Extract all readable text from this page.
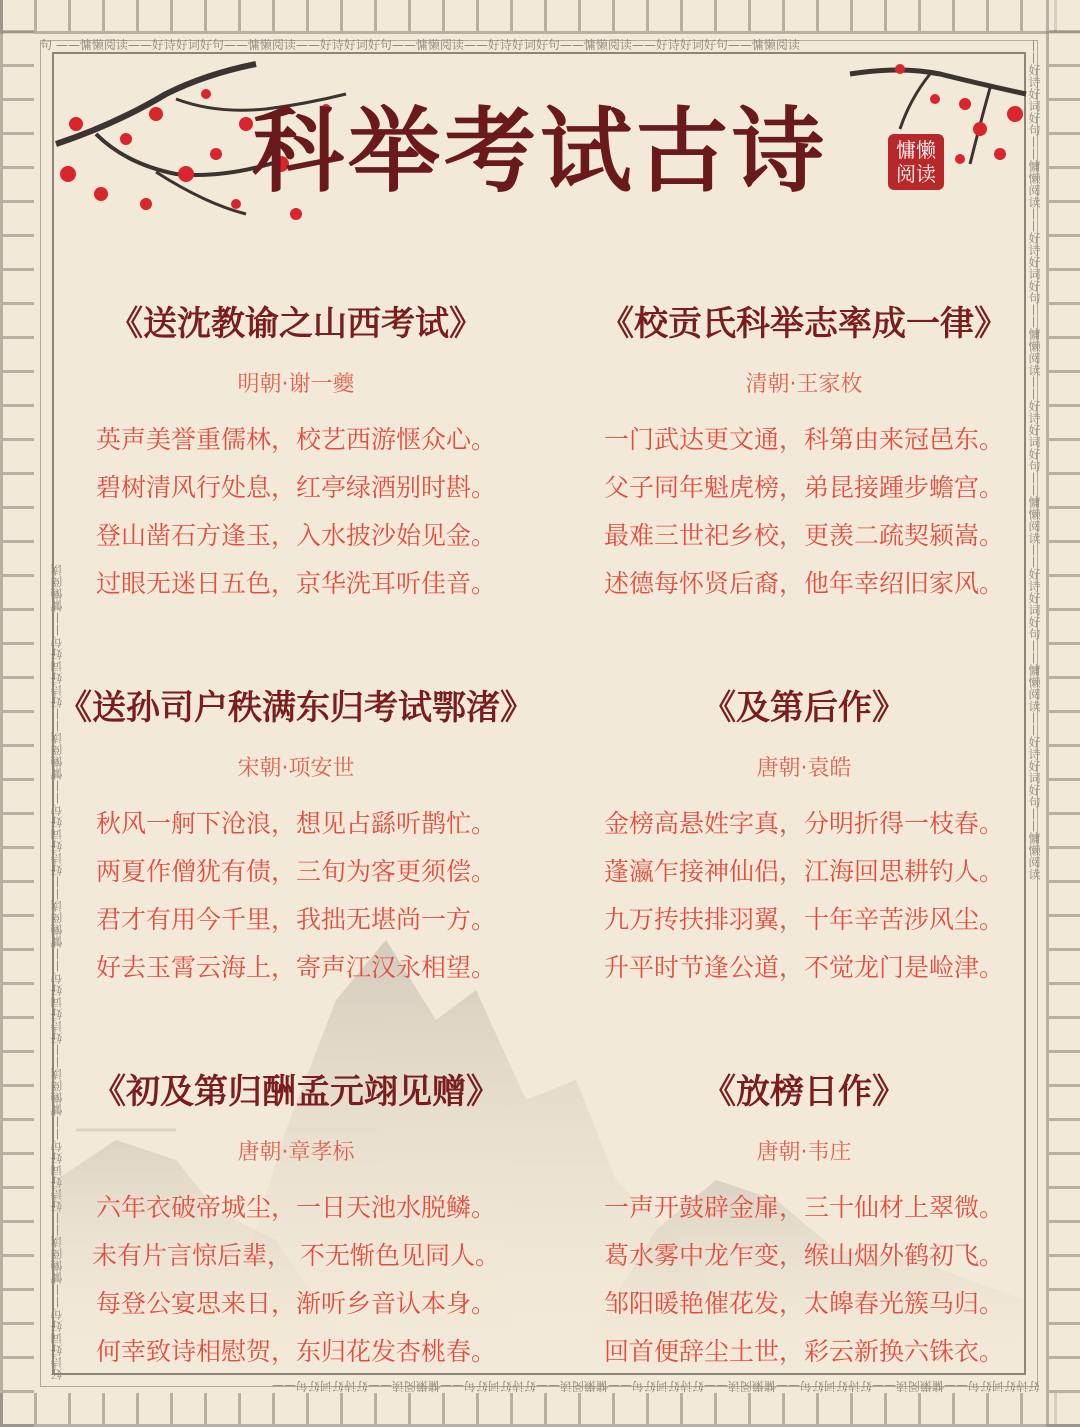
句 ——慵懒阅读——好诗好词好句——慵懒阅读——好诗好词好句——慵懒阅读——好诗好词好句——慵懒阅读——好诗好词好句——慵懒阅读
好诗好词好句——慵懒阅读——好诗好词好句——慵懒阅读——好诗好词好句——慵懒阅读——好诗好词好句——慵懒阅读——好诗好词好句——
好诗好词好句——慵懒阅读——好诗好词好句——慵懒阅读——好诗好词好句——慵懒阅读——好诗好词好句——慵懒阅读——好诗好词好句——慵懒阅读
——好诗好词好句——慵懒阅读——好诗好词好句——慵懒阅读——好诗好词好句——慵懒阅读——好诗好词好句——慵懒阅读——好诗好词好句——慵懒阅读
科举考试古诗	慵懒
阅读
《送沈教谕之山西考试》
明朝·谢一夔
英声美誉重儒林，校艺西游惬众心。
碧树清风行处息，红亭绿酒别时斟。
登山凿石方逢玉，入水披沙始见金。
过眼无迷日五色，京华洗耳听佳音。
《校贡氏科举志率成一律》
清朝·王家枚
一门武达更文通，科第由来冠邑东。
父子同年魁虎榜，弟昆接踵步蟾宫。
最难三世祀乡校，更羡二疏契颍嵩。
述德每怀贤后裔，他年幸绍旧家风。
《送孙司户秩满东归考试鄂渚》
宋朝·项安世
秋风一舸下沧浪，想见占繇听鹊忙。
两夏作僧犹有债，三旬为客更须偿。
君才有用今千里，我拙无堪尚一方。
好去玉霄云海上，寄声江汉永相望。
《及第后作》
唐朝·袁皓
金榜高悬姓字真，分明折得一枝春。
蓬瀛乍接神仙侣，江海回思耕钓人。
九万抟扶排羽翼，十年辛苦涉风尘。
升平时节逢公道，不觉龙门是崄津。
《初及第归酬孟元翊见赠》
唐朝·章孝标
六年衣破帝城尘，一日天池水脱鳞。
未有片言惊后辈， 不无惭色见同人。
每登公宴思来日，渐听乡音认本身。
何幸致诗相慰贺，东归花发杏桃春。
《放榜日作》
唐朝·韦庄
一声开鼓辟金扉，三十仙材上翠微。
葛水雾中龙乍变，缑山烟外鹤初飞。
邹阳暖艳催花发，太皞春光簇马归。
回首便辞尘土世，彩云新换六铢衣。
